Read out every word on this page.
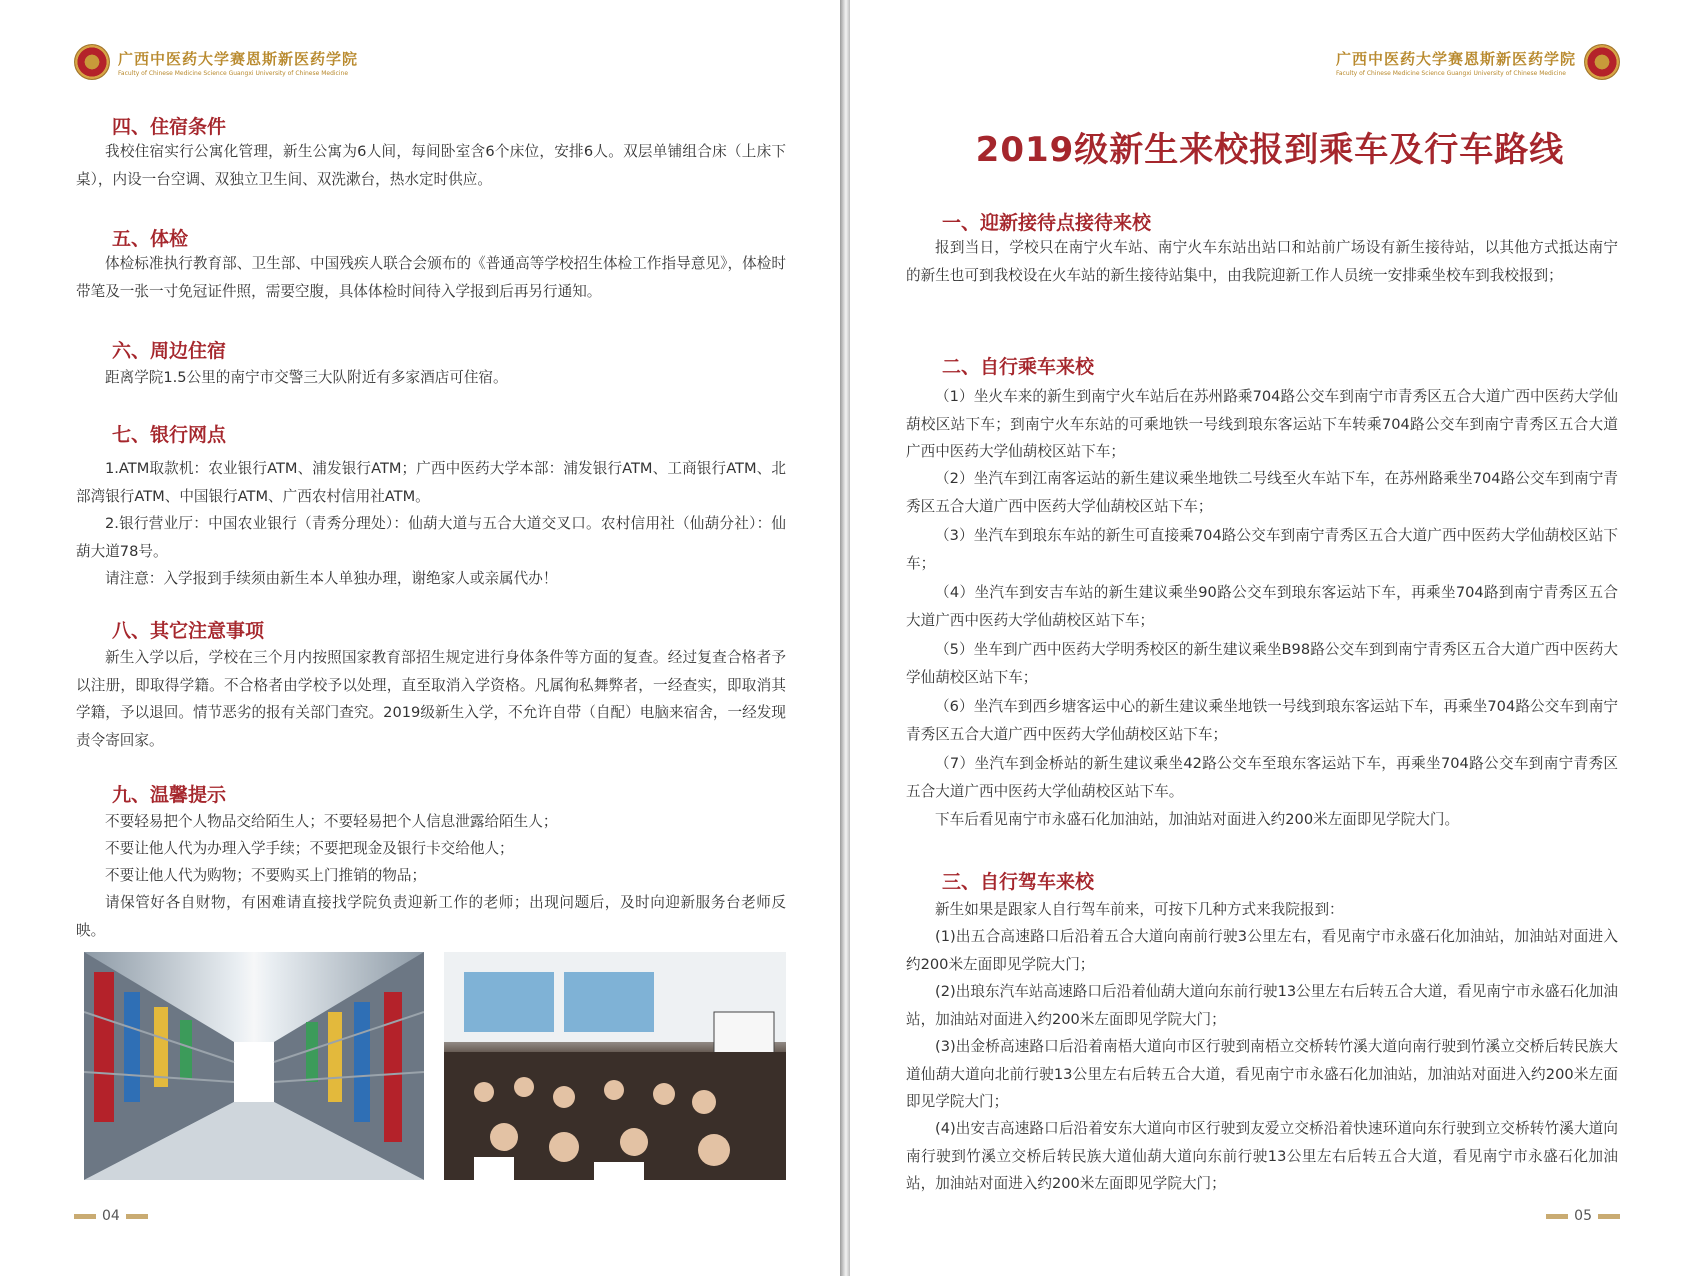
广西中医药大学赛恩斯新医药学院
Faculty of Chinese Medicine Science Guangxi University of Chinese Medicine
四、住宿条件
我校住宿实行公寓化管理，新生公寓为6人间，每间卧室含6个床位，安排6人。双层单铺组合床（上床下桌），内设一台空调、双独立卫生间、双洗漱台，热水定时供应。
五、体检
体检标准执行教育部、卫生部、中国残疾人联合会颁布的《普通高等学校招生体检工作指导意见》，体检时带笔及一张一寸免冠证件照，需要空腹，具体体检时间待入学报到后再另行通知。
六、周边住宿
距离学院1.5公里的南宁市交警三大队附近有多家酒店可住宿。
七、银行网点
1.ATM取款机：农业银行ATM、浦发银行ATM；广西中医药大学本部：浦发银行ATM、工商银行ATM、北部湾银行ATM、中国银行ATM、广西农村信用社ATM。
2.银行营业厅：中国农业银行（青秀分理处）：仙葫大道与五合大道交叉口。农村信用社（仙葫分社）：仙葫大道78号。
请注意：入学报到手续须由新生本人单独办理，谢绝家人或亲属代办！
八、其它注意事项
新生入学以后，学校在三个月内按照国家教育部招生规定进行身体条件等方面的复查。经过复查合格者予以注册，即取得学籍。不合格者由学校予以处理，直至取消入学资格。凡属徇私舞弊者，一经查实，即取消其学籍，予以退回。情节恶劣的报有关部门查究。2019级新生入学，不允许自带（自配）电脑来宿舍，一经发现责令寄回家。
九、温馨提示
不要轻易把个人物品交给陌生人；不要轻易把个人信息泄露给陌生人；
不要让他人代为办理入学手续；不要把现金及银行卡交给他人；
不要让他人代为购物；不要购买上门推销的物品；
请保管好各自财物，有困难请直接找学院负责迎新工作的老师；出现问题后，及时向迎新服务台老师反映。
04
广西中医药大学赛恩斯新医药学院
Faculty of Chinese Medicine Science Guangxi University of Chinese Medicine
2019级新生来校报到乘车及行车路线
一、迎新接待点接待来校
报到当日，学校只在南宁火车站、南宁火车东站出站口和站前广场设有新生接待站，以其他方式抵达南宁的新生也可到我校设在火车站的新生接待站集中，由我院迎新工作人员统一安排乘坐校车到我校报到；
二、自行乘车来校
（1）坐火车来的新生到南宁火车站后在苏州路乘704路公交车到南宁市青秀区五合大道广西中医药大学仙葫校区站下车；到南宁火车东站的可乘地铁一号线到琅东客运站下车转乘704路公交车到南宁青秀区五合大道广西中医药大学仙葫校区站下车；
（2）坐汽车到江南客运站的新生建议乘坐地铁二号线至火车站下车，在苏州路乘坐704路公交车到南宁青秀区五合大道广西中医药大学仙葫校区站下车；
（3）坐汽车到琅东车站的新生可直接乘704路公交车到南宁青秀区五合大道广西中医药大学仙葫校区站下车；
（4）坐汽车到安吉车站的新生建议乘坐90路公交车到琅东客运站下车，再乘坐704路到南宁青秀区五合大道广西中医药大学仙葫校区站下车；
（5）坐车到广西中医药大学明秀校区的新生建议乘坐B98路公交车到到南宁青秀区五合大道广西中医药大学仙葫校区站下车；
（6）坐汽车到西乡塘客运中心的新生建议乘坐地铁一号线到琅东客运站下车，再乘坐704路公交车到南宁青秀区五合大道广西中医药大学仙葫校区站下车；
（7）坐汽车到金桥站的新生建议乘坐42路公交车至琅东客运站下车，再乘坐704路公交车到南宁青秀区五合大道广西中医药大学仙葫校区站下车。
下车后看见南宁市永盛石化加油站，加油站对面进入约200米左面即见学院大门。
三、自行驾车来校
新生如果是跟家人自行驾车前来，可按下几种方式来我院报到：
(1)出五合高速路口后沿着五合大道向南前行驶3公里左右，看见南宁市永盛石化加油站，加油站对面进入约200米左面即见学院大门；
(2)出琅东汽车站高速路口后沿着仙葫大道向东前行驶13公里左右后转五合大道，看见南宁市永盛石化加油站，加油站对面进入约200米左面即见学院大门；
(3)出金桥高速路口后沿着南梧大道向市区行驶到南梧立交桥转竹溪大道向南行驶到竹溪立交桥后转民族大道仙葫大道向北前行驶13公里左右后转五合大道，看见南宁市永盛石化加油站，加油站对面进入约200米左面即见学院大门；
(4)出安吉高速路口后沿着安东大道向市区行驶到友爱立交桥沿着快速环道向东行驶到立交桥转竹溪大道向南行驶到竹溪立交桥后转民族大道仙葫大道向东前行驶13公里左右后转五合大道，看见南宁市永盛石化加油站，加油站对面进入约200米左面即见学院大门；
05
